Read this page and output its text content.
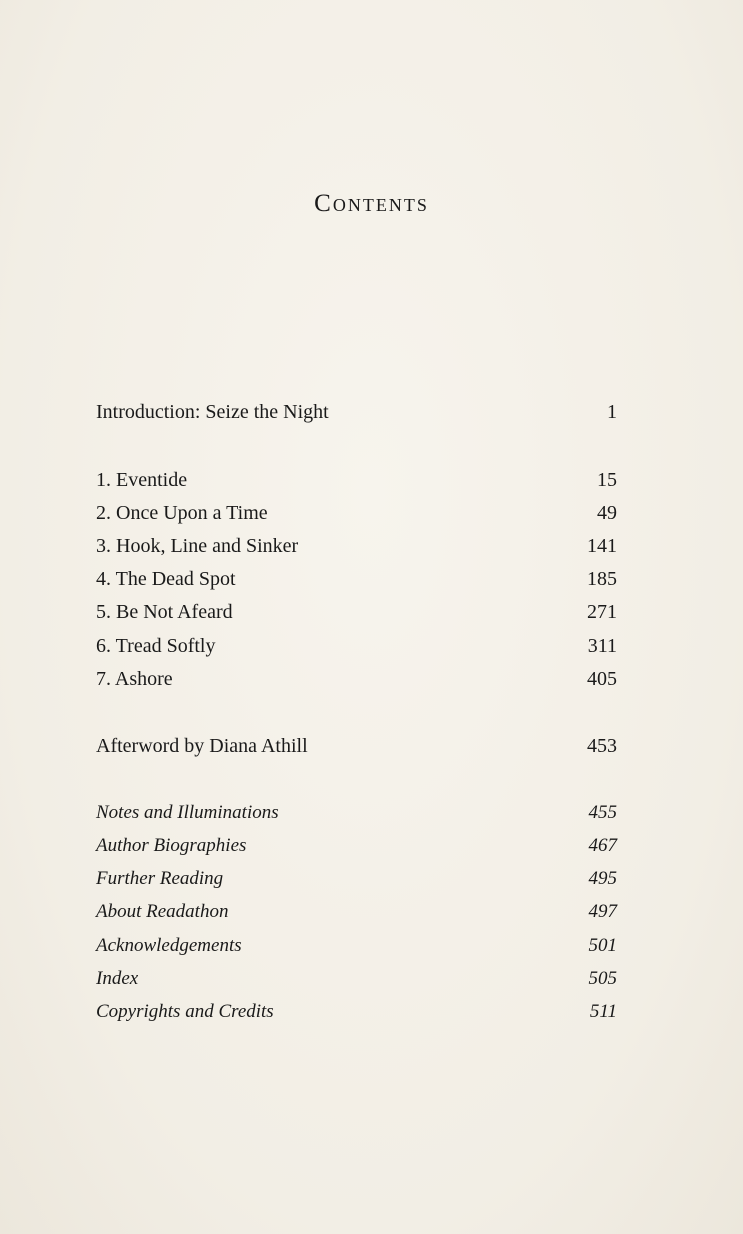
Contents
Introduction: Seize the Night	1
1. Eventide	15
2. Once Upon a Time	49
3. Hook, Line and Sinker	141
4. The Dead Spot	185
5. Be Not Afeard	271
6. Tread Softly	311
7. Ashore	405
Afterword by Diana Athill	453
Notes and Illuminations	455
Author Biographies	467
Further Reading	495
About Readathon	497
Acknowledgements	501
Index	505
Copyrights and Credits	511
